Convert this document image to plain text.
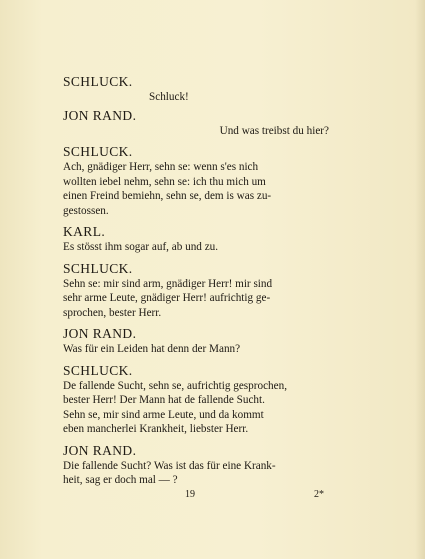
SCHLUCK.
Schluck!
JON RAND.
Und was treibst du hier?
SCHLUCK.
Ach, gnädiger Herr, sehn se: wenn s'es nich
wollten iebel nehm, sehn se: ich thu mich um
einen Freind bemiehn, sehn se, dem is was zu-
gestossen.
KARL.
Es stösst ihm sogar auf, ab und zu.
SCHLUCK.
Sehn se: mir sind arm, gnädiger Herr! mir sind
sehr arme Leute, gnädiger Herr! aufrichtig ge-
sprochen, bester Herr.
JON RAND.
Was für ein Leiden hat denn der Mann?
SCHLUCK.
De fallende Sucht, sehn se, aufrichtig gesprochen,
bester Herr! Der Mann hat de fallende Sucht.
Sehn se, mir sind arme Leute, und da kommt
eben mancherlei Krankheit, liebster Herr.
JON RAND.
Die fallende Sucht? Was ist das für eine Krank-
heit, sag er doch mal — ?
19	2*
